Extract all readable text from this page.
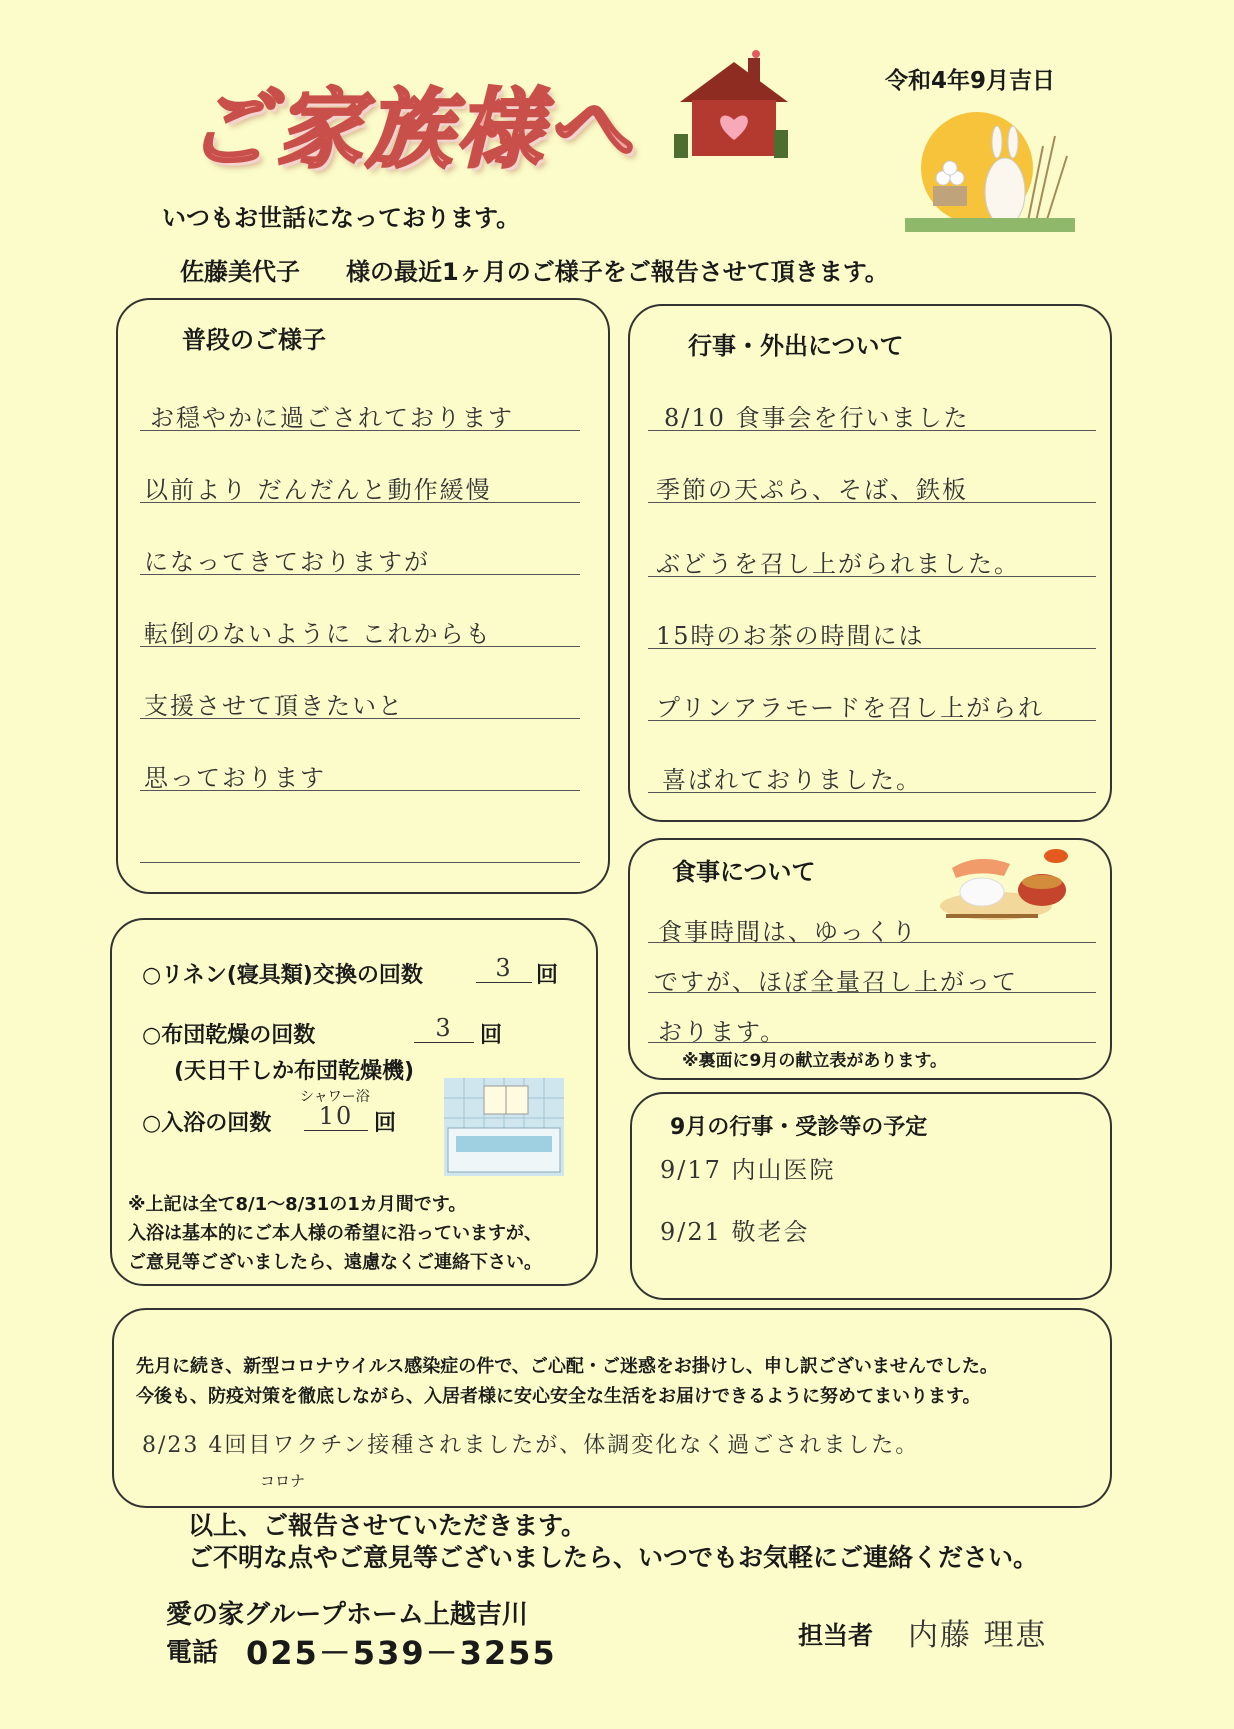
ご家族様へ	令和4年9月吉日
いつもお世話になっております。
佐藤美代子 様の最近1ヶ月のご様子をご報告させて頂きます。
普段のご様子
お穏やかに過ごされております
以前より だんだんと動作緩慢
になってきておりますが
転倒のないように これからも
支援させて頂きたいと
思っております
行事・外出について
8/10 食事会を行いました
季節の天ぷら、そば、鉄板
ぶどうを召し上がられました。
15時のお茶の時間には
プリンアラモードを召し上がられ
喜ばれておりました。
食事について
食事時間は、ゆっくり
ですが、ほぼ全量召し上がって
おります。
※裏面に9月の献立表があります。
○リネン(寝具類)交換の回数	3	回
○布団乾燥の回数	3	回
(天日干しか布団乾燥機)
シャワー浴
○入浴の回数	10 回
※上記は全て8/1～8/31の1カ月間です。
入浴は基本的にご本人様の希望に沿っていますが、
ご意見等ございましたら、遠慮なくご連絡下さい。
9月の行事・受診等の予定
9/17 内山医院
9/21 敬老会
先月に続き、新型コロナウイルス感染症の件で、ご心配・ご迷惑をお掛けし、申し訳ございませんでした。
今後も、防疫対策を徹底しながら、入居者様に安心安全な生活をお届けできるように努めてまいります。
8/23 4回目ワクチン接種されましたが、体調変化なく過ごされました。
コロナ
以上、ご報告させていただきます。
ご不明な点やご意見等ございましたら、いつでもお気軽にご連絡ください。
愛の家グループホーム上越吉川
電話 025－539－3255	担当者 内藤 理恵
